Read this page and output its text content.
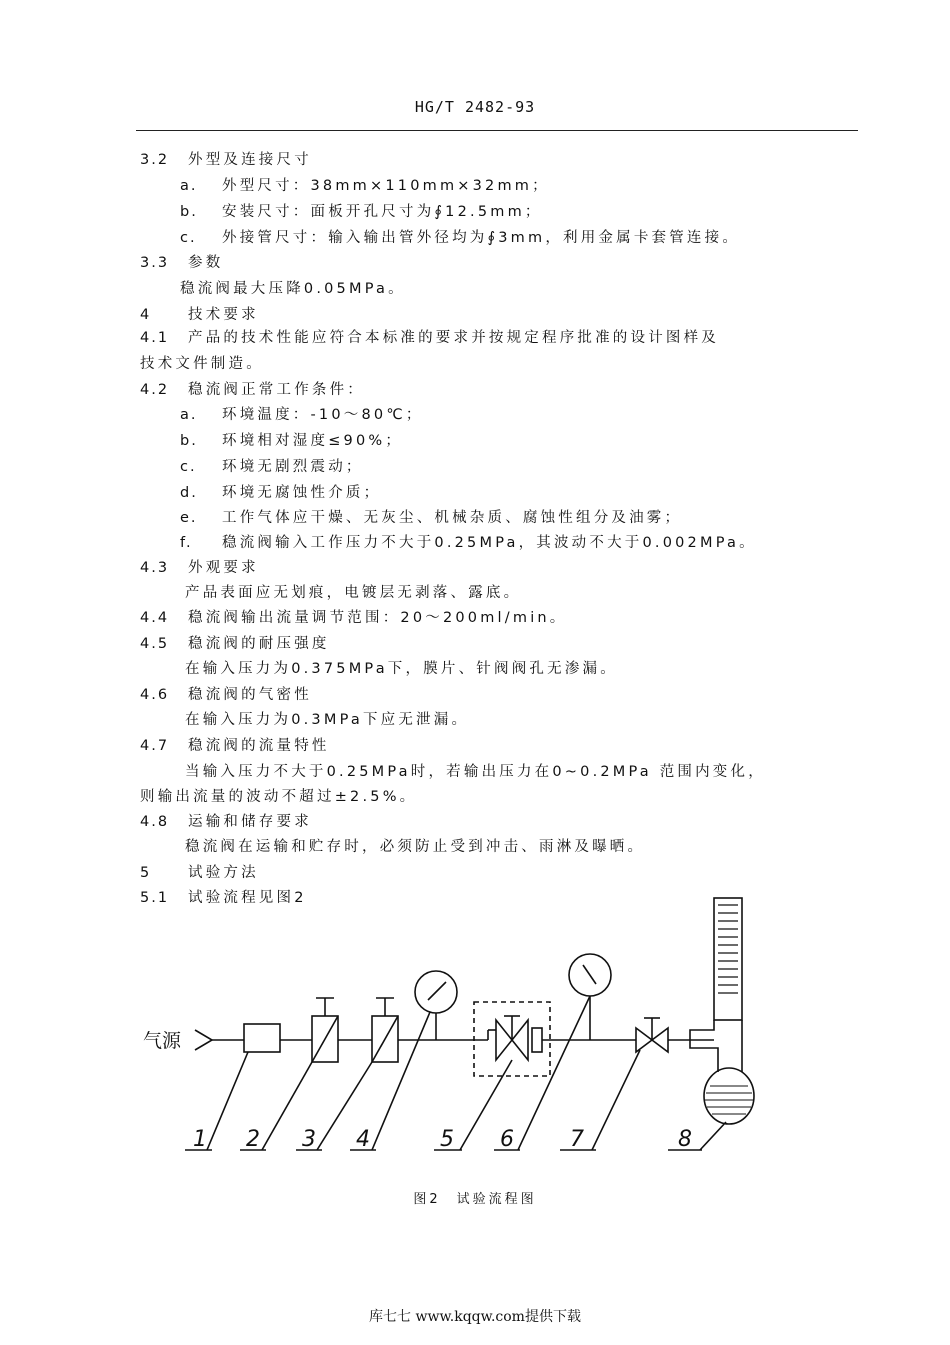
HG/T 2482-93
3.2 外型及连接尺寸
a. 外型尺寸：38mm×110mm×32mm；
b. 安装尺寸：面板开孔尺寸为∮12.5mm；
c. 外接管尺寸：输入输出管外径均为∮3mm，利用金属卡套管连接。
3.3 参数
稳流阀最大压降0.05MPa。
4	技术要求
4.1 产品的技术性能应符合本标准的要求并按规定程序批准的设计图样及
技术文件制造。
4.2 稳流阀正常工作条件：
a. 环境温度：-10～80℃；
b. 环境相对湿度≤90%；
c. 环境无剧烈震动；
d. 环境无腐蚀性介质；
e. 工作气体应干燥、无灰尘、机械杂质、腐蚀性组分及油雾；
f. 稳流阀输入工作压力不大于0.25MPa，其波动不大于0.002MPa。
4.3 外观要求
产品表面应无划痕，电镀层无剥落、露底。
4.4 稳流阀输出流量调节范围：20～200ml/min。
4.5 稳流阀的耐压强度
在输入压力为0.375MPa下，膜片、针阀阀孔无渗漏。
4.6 稳流阀的气密性
在输入压力为0.3MPa下应无泄漏。
4.7 稳流阀的流量特性
当输入压力不大于0.25MPa时，若输出压力在0~0.2MPa 范围内变化，
则输出流量的波动不超过±2.5%。
4.8 运输和储存要求
稳流阀在运输和贮存时，必须防止受到冲击、雨淋及曝晒。
5	试验方法
5.1 试验流程见图2
气源
1 2 3 4	5 6	7	8
图2　试验流程图
库七七 www.kqqw.com提供下载
